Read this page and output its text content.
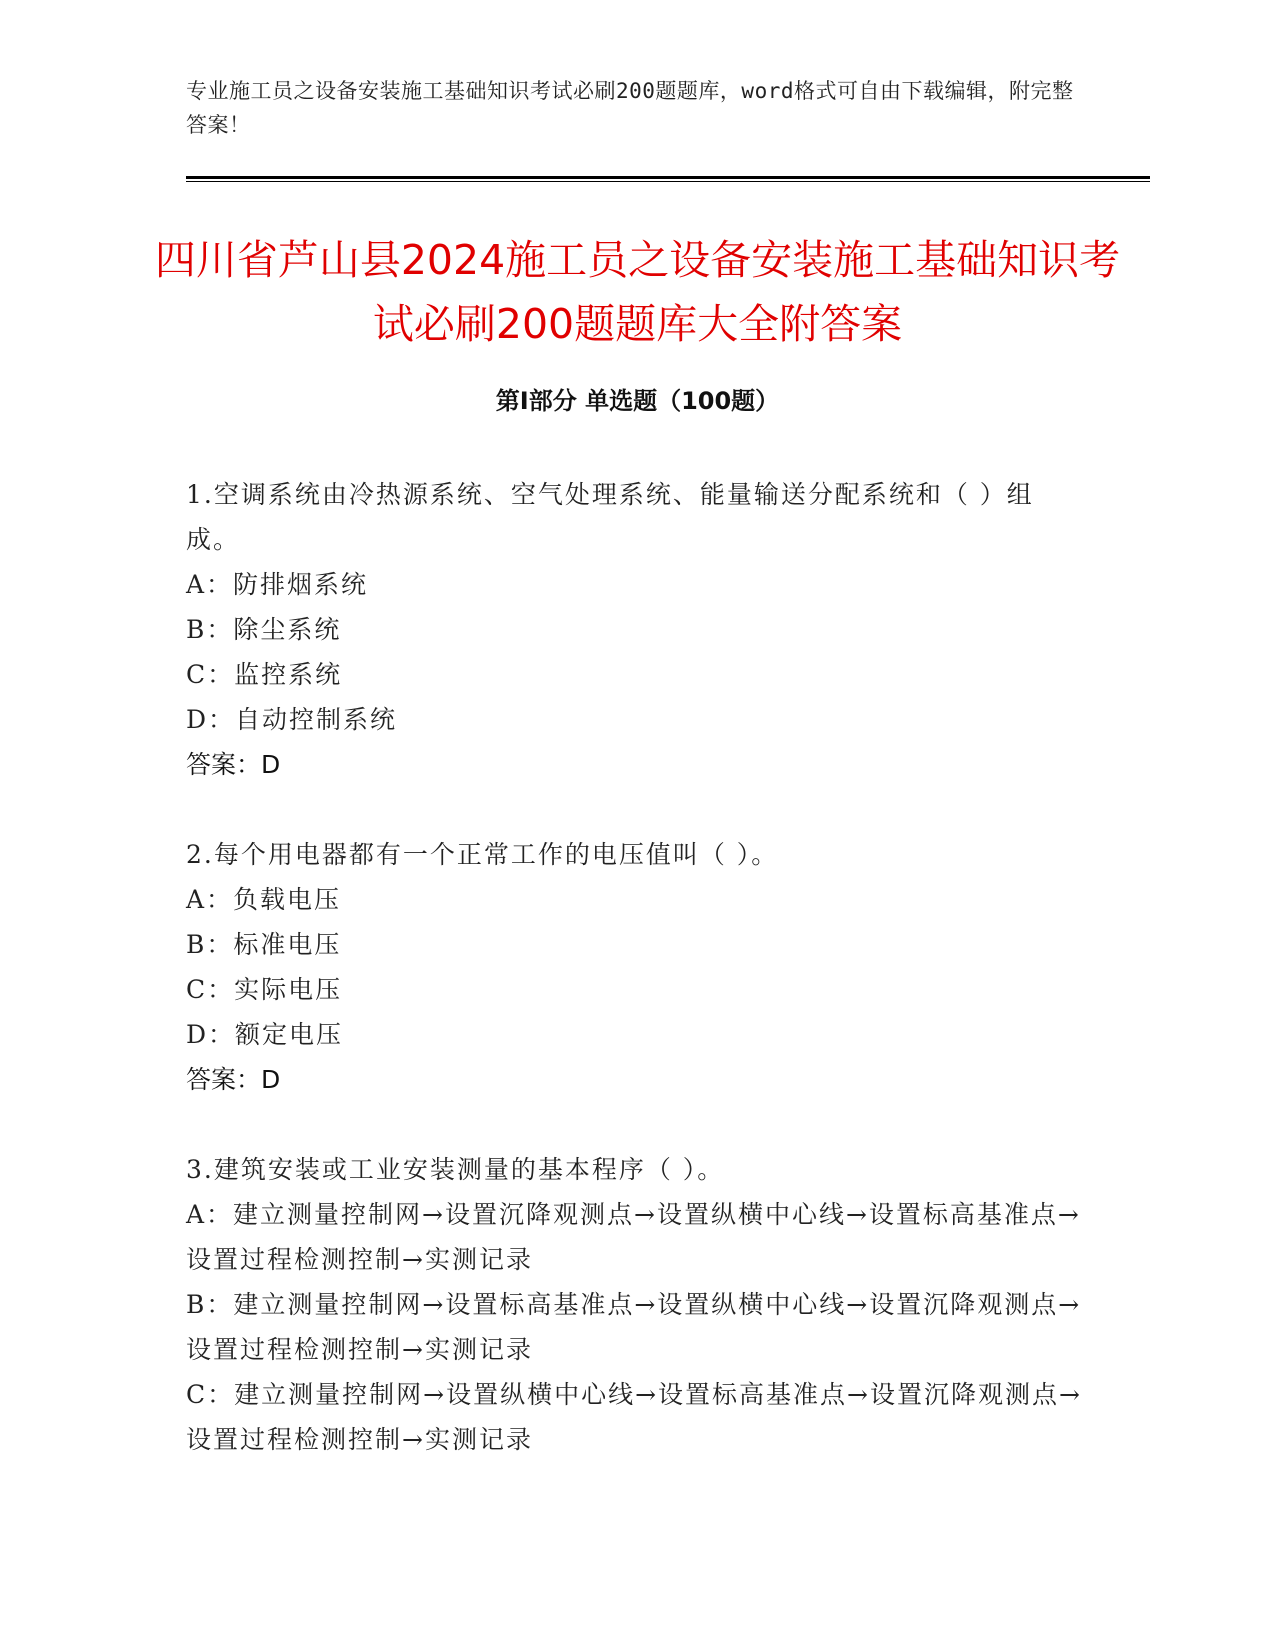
专业施工员之设备安装施工基础知识考试必刷200题题库，word格式可自由下载编辑，附完整答案！
四川省芦山县2024施工员之设备安装施工基础知识考试必刷200题题库大全附答案
第Ⅰ部分 单选题（100题）

1.空调系统由冷热源系统、空气处理系统、能量输送分配系统和（ ）组成。

A：防排烟系统

B：除尘系统

C：监控系统

D：自动控制系统

答案：D

2.每个用电器都有一个正常工作的电压值叫（ ）。

A：负载电压

B：标准电压

C：实际电压

D：额定电压

答案：D

3.建筑安装或工业安装测量的基本程序（ ）。

A：建立测量控制网→设置沉降观测点→设置纵横中心线→设置标高基准点→设置过程检测控制→实测记录

B：建立测量控制网→设置标高基准点→设置纵横中心线→设置沉降观测点→设置过程检测控制→实测记录

C：建立测量控制网→设置纵横中心线→设置标高基准点→设置沉降观测点→设置过程检测控制→实测记录
